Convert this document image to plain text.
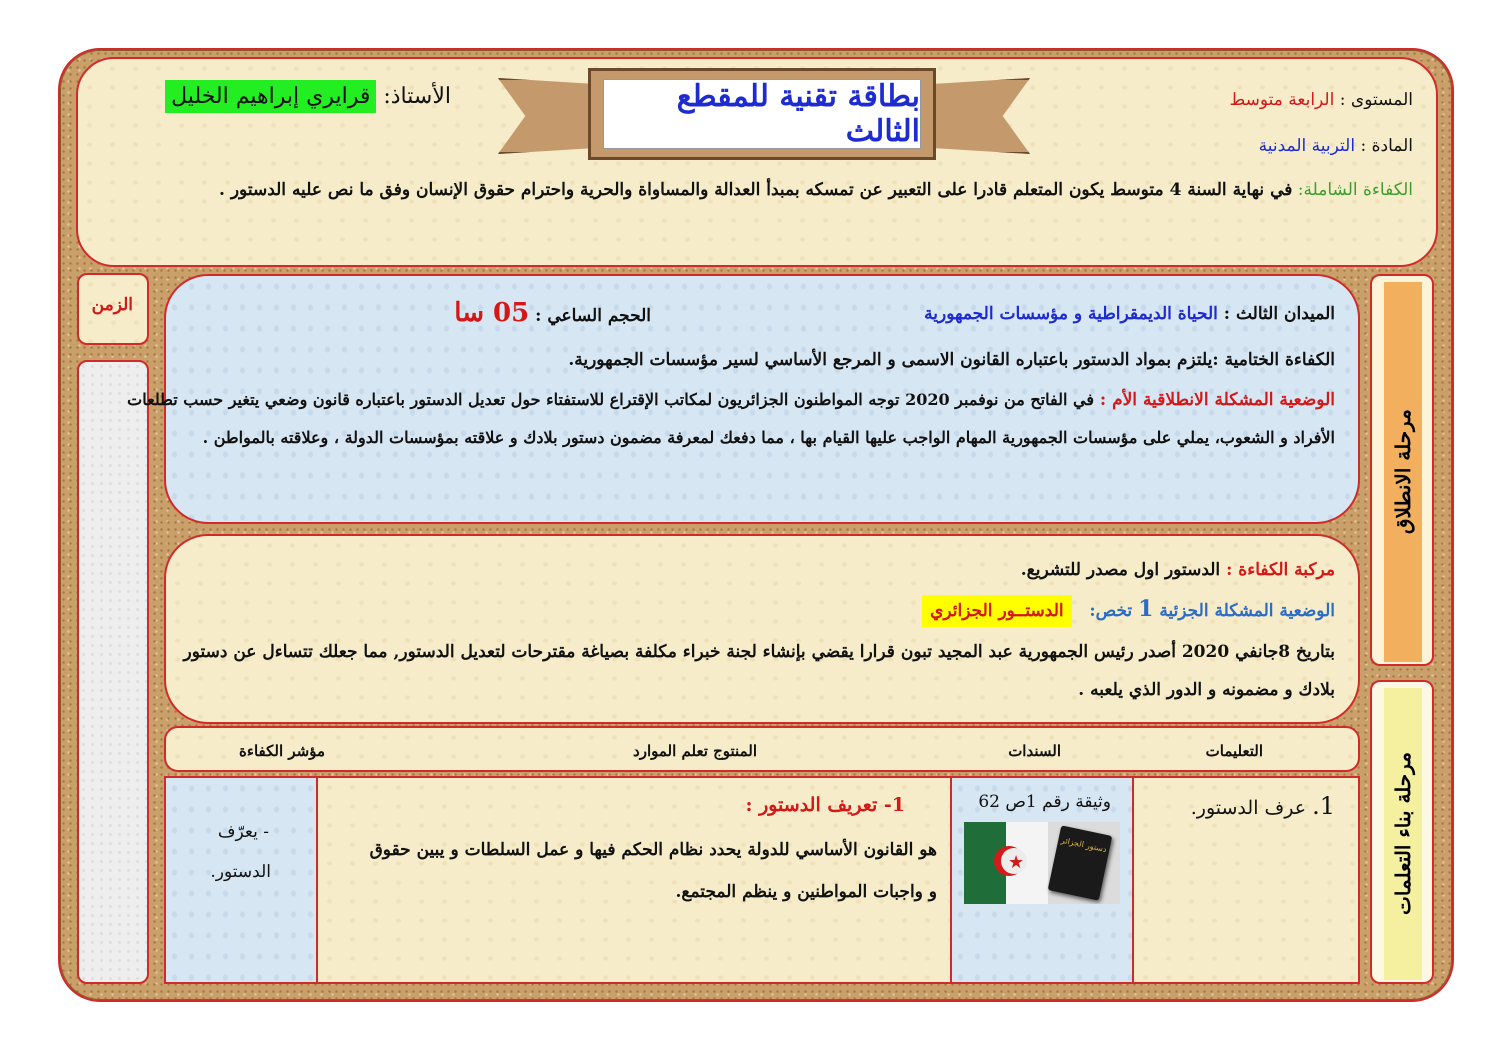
بطاقة تقنية للمقطع الثالث
الأستاذ: قرايري إبراهيم الخليل	المستوى : الرابعة متوسط
المادة : التربية المدنية
الكفاءة الشاملة: في نهاية السنة 4 متوسط يكون المتعلم قادرا على التعبير عن تمسكه بمبدأ العدالة والمساواة والحرية واحترام حقوق الإنسان وفق ما نص عليه الدستور .
الزمن
مرحلة الانطلاق
مرحلة بناء التعلمات
الميدان الثالث : الحياة الديمقراطية و مؤسسات الجمهورية
الحجم الساعي : 05 سا
الكفاءة الختامية :يلتزم بمواد الدستور باعتباره القانون الاسمى و المرجع الأساسي لسير مؤسسات الجمهورية.
الوضعية المشكلة الانطلاقية الأم : في الفاتح من نوفمبر 2020 توجه المواطنون الجزائريون لمكاتب الإقتراع للاستفتاء حول تعديل الدستور باعتباره قانون وضعي يتغير حسب تطلعات
الأفراد و الشعوب، يملي على مؤسسات الجمهورية المهام الواجب عليها القيام بها ، مما دفعك لمعرفة مضمون دستور بلادك و علاقته بمؤسسات الدولة ، وعلاقته بالمواطن .
مركبة الكفاءة : الدستور اول مصدر للتشريع.
الوضعية المشكلة الجزئية 1 تخص:   الدستــور الجزائري
بتاريخ 8جانفي 2020 أصدر رئيس الجمهورية عبد المجيد تبون قرارا يقضي بإنشاء لجنة خبراء مكلفة بصياغة مقترحات لتعديل الدستور, مما جعلك تتساءل عن دستور
بلادك و مضمونه و الدور الذي يلعبه .
التعليمات
السندات
المنتوج تعلم الموارد
مؤشر الكفاءة
1. عرف الدستور.
وثيقة رقم 1ص 62
★
دستور الجزائر
1- تعريف الدستور :
هو القانون الأساسي للدولة يحدد نظام الحكم فيها و عمل السلطات و يبين حقوق
و واجبات المواطنين و ينظم المجتمع.
- يعرّف
الدستور.
